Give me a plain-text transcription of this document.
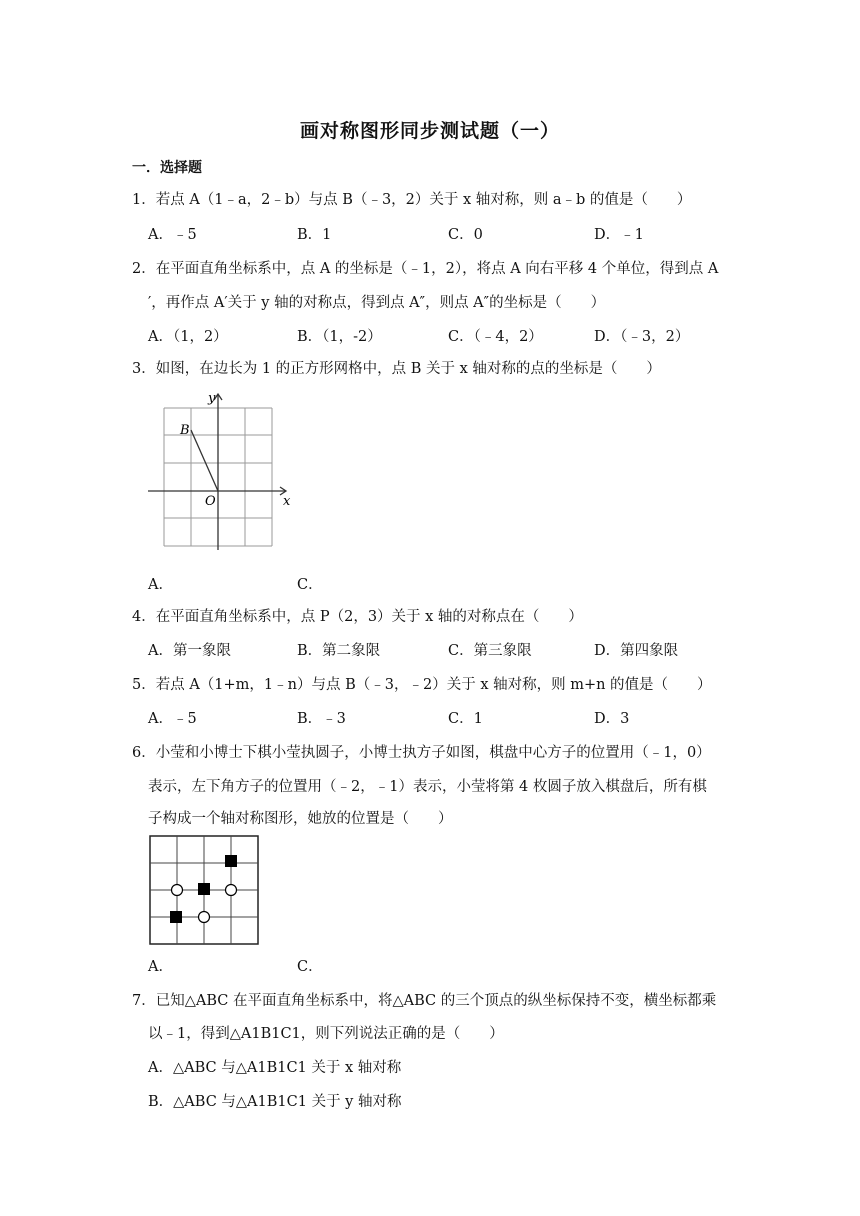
画对称图形同步测试题（一）
一．选择题
1．若点 A（1﹣a，2﹣b）与点 B（﹣3，2）关于 x 轴对称，则 a﹣b 的值是（　　）
A．﹣5	B．1	C．0	D．﹣1
2．在平面直角坐标系中，点 A 的坐标是（﹣1，2），将点 A 向右平移 4 个单位，得到点 A
′，再作点 A′关于 y 轴的对称点，得到点 A″，则点 A″的坐标是（　　）
A．（1，2）	B．（1，-2）	C．（﹣4，2）	D．（﹣3，2）
3．如图，在边长为 1 的正方形网格中，点 B 关于 x 轴对称的点的坐标是（　　）
y
x
B
O
A．	C．
4．在平面直角坐标系中，点 P（2，3）关于 x 轴的对称点在（　　）
A．第一象限	B．第二象限	C．第三象限	D．第四象限
5．若点 A（1+m，1﹣n）与点 B（﹣3，﹣2）关于 x 轴对称，则 m+n 的值是（　　）
A．﹣5	B．﹣3	C．1	D．3
6．小莹和小博士下棋小莹执圆子，小博士执方子如图，棋盘中心方子的位置用（﹣1，0）
表示，左下角方子的位置用（﹣2，﹣1）表示，小莹将第 4 枚圆子放入棋盘后，所有棋
子构成一个轴对称图形，她放的位置是（　　）
A．	C．
7．已知△ABC 在平面直角坐标系中，将△ABC 的三个顶点的纵坐标保持不变，横坐标都乘
以﹣1，得到△A1B1C1，则下列说法正确的是（　　）
A．△ABC 与△A1B1C1 关于 x 轴对称
B．△ABC 与△A1B1C1 关于 y 轴对称
